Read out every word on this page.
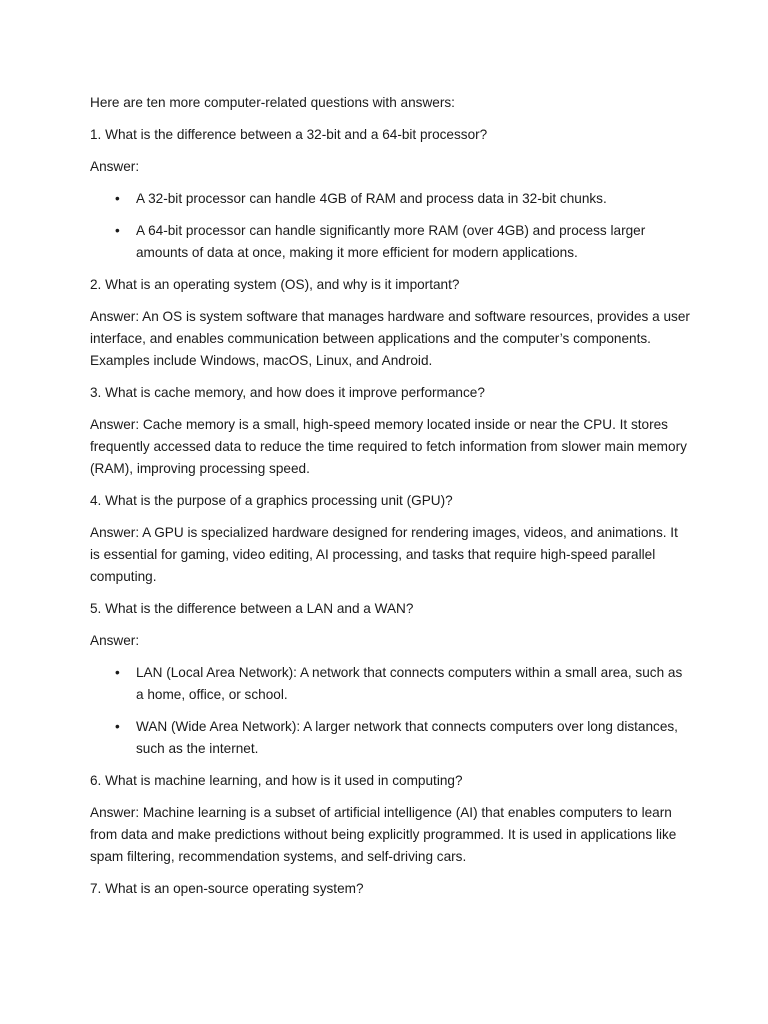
Here are ten more computer-related questions with answers:

1. What is the difference between a 32-bit and a 64-bit processor?

Answer:

• A 32-bit processor can handle 4GB of RAM and process data in 32-bit chunks.
• A 64-bit processor can handle significantly more RAM (over 4GB) and process larger amounts of data at once, making it more efficient for modern applications.

2. What is an operating system (OS), and why is it important?

Answer: An OS is system software that manages hardware and software resources, provides a user interface, and enables communication between applications and the computer’s components. Examples include Windows, macOS, Linux, and Android.

3. What is cache memory, and how does it improve performance?

Answer: Cache memory is a small, high-speed memory located inside or near the CPU. It stores frequently accessed data to reduce the time required to fetch information from slower main memory (RAM), improving processing speed.

4. What is the purpose of a graphics processing unit (GPU)?

Answer: A GPU is specialized hardware designed for rendering images, videos, and animations. It is essential for gaming, video editing, AI processing, and tasks that require high-speed parallel computing.

5. What is the difference between a LAN and a WAN?

Answer:

• LAN (Local Area Network): A network that connects computers within a small area, such as a home, office, or school.
• WAN (Wide Area Network): A larger network that connects computers over long distances, such as the internet.

6. What is machine learning, and how is it used in computing?

Answer: Machine learning is a subset of artificial intelligence (AI) that enables computers to learn from data and make predictions without being explicitly programmed. It is used in applications like spam filtering, recommendation systems, and self-driving cars.

7. What is an open-source operating system?
